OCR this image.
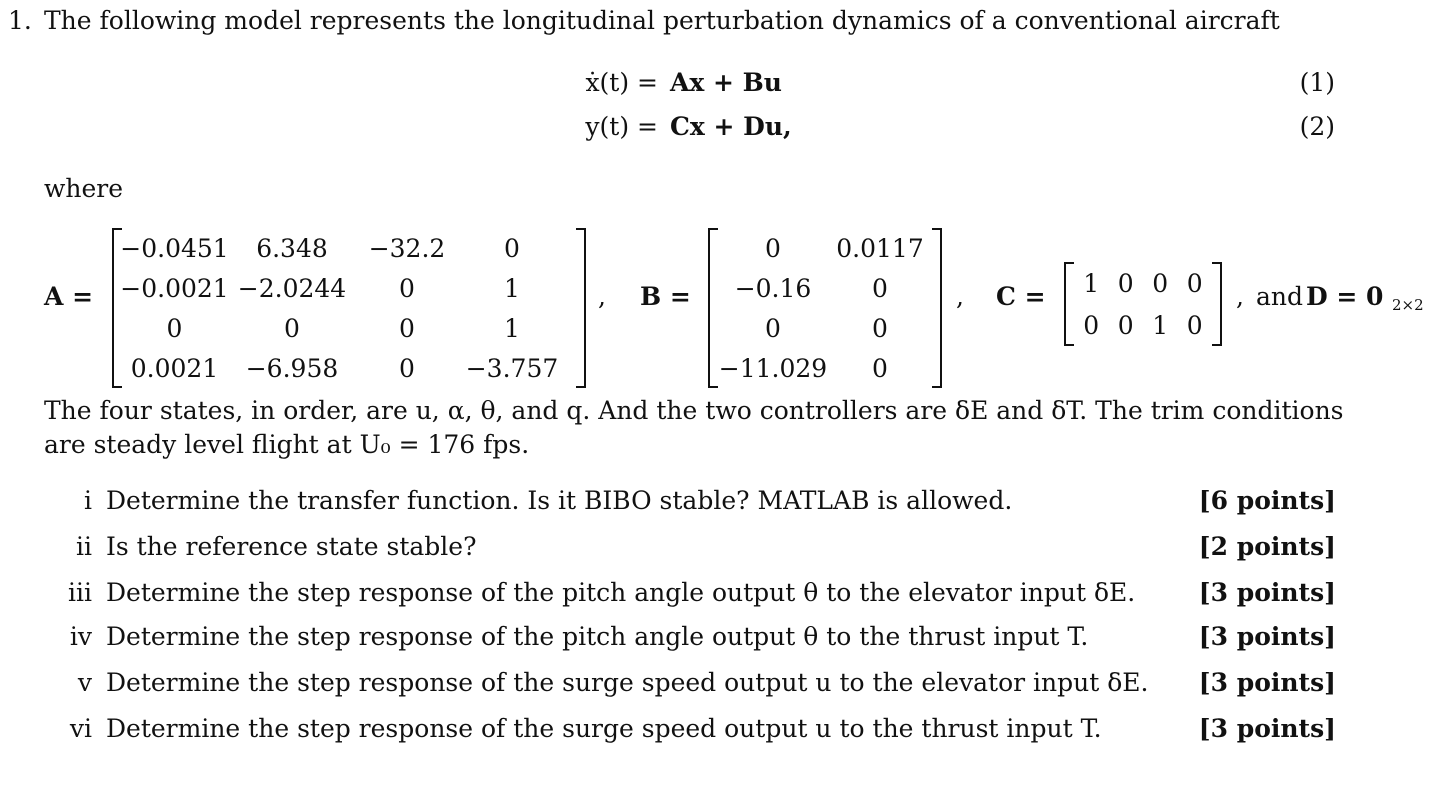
1. The following model represents the longitudinal perturbation dynamics of a conventional aircraft
ẋ(t) = Ax + Bu	(1)
y(t) = Cx + Du,	(2)
where
A =
−0.0451 6.348 −32.2 0
−0.0021 −2.0244 0	1
0	0	0	1
0.0021 −6.958 0 −3.757
, B =
0 0.0117
−0.16 0
0	0
−11.029 0
, C = 1 0 0 0
0 0 1 0
, and D = 0 2×2
The four states, in order, are u, α, θ, and q. And the two controllers are δE and δT. The trim conditions
are steady level flight at U₀ = 176 fps.
i Determine the transfer function. Is it BIBO stable? MATLAB is allowed.	[6 points]
ii Is the reference state stable?	[2 points]
iii Determine the step response of the pitch angle output θ to the elevator input δE.	[3 points]
iv Determine the step response of the pitch angle output θ to the thrust input T.	[3 points]
v Determine the step response of the surge speed output u to the elevator input δE. [3 points]
vi Determine the step response of the surge speed output u to the thrust input T.	[3 points]
